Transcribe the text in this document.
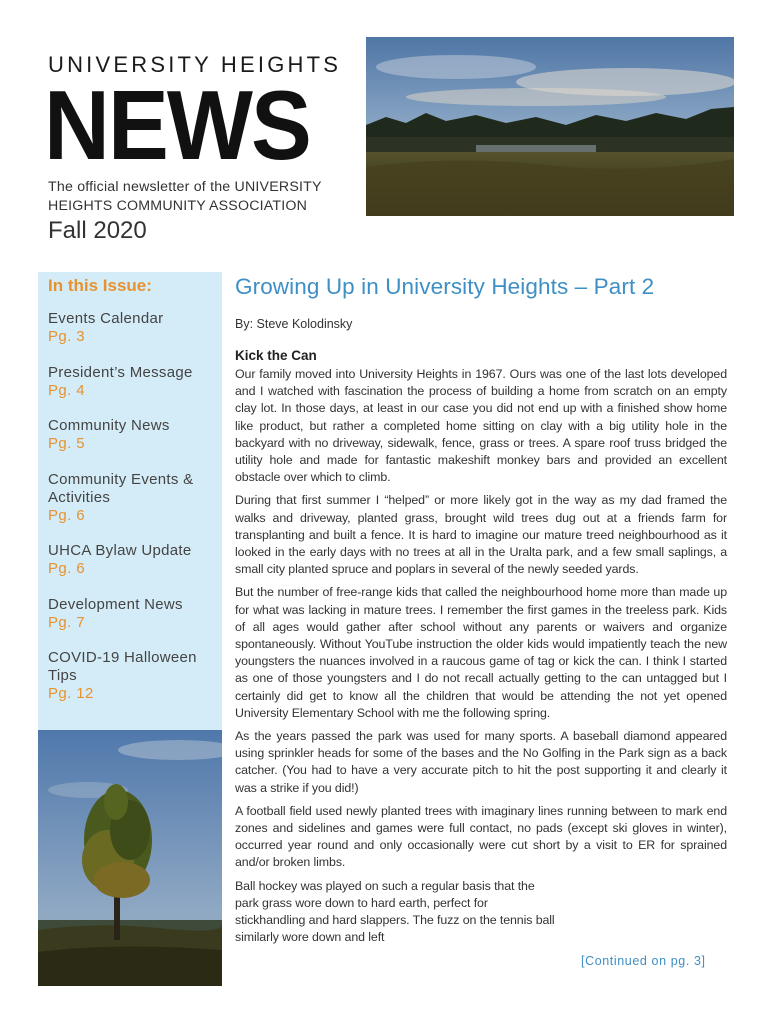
UNIVERSITY HEIGHTS
NEWS
The official newsletter of the UNIVERSITY HEIGHTS COMMUNITY ASSOCIATION
Fall 2020
In this Issue:
Events Calendar
Pg. 3
President’s Message
Pg. 4
Community News
Pg. 5
Community Events & Activities
Pg. 6
UHCA Bylaw Update
Pg. 6
Development News
Pg. 7
COVID-19 Halloween Tips
Pg. 12
Growing Up in University Heights – Part 2
By: Steve Kolodinsky
Kick the Can

Our family moved into University Heights in 1967. Ours was one of the last lots developed and I watched with fascination the process of building a home from scratch on an empty clay lot. In those days, at least in our case you did not end up with a finished show home like product, but rather a completed home sitting on clay with a big utility hole in the backyard with no driveway, sidewalk, fence, grass or trees. A spare roof truss bridged the utility hole and made for fantastic makeshift monkey bars and provided an excellent obstacle over which to climb.

During that first summer I “helped” or more likely got in the way as my dad framed the walks and driveway, planted grass, brought wild trees dug out at a friends farm for transplanting and built a fence. It is hard to imagine our mature treed neighbourhood as it looked in the early days with no trees at all in the Uralta park, and a few small saplings, a small city planted spruce and poplars in several of the newly seeded yards.

But the number of free-range kids that called the neighbourhood home more than made up for what was lacking in mature trees. I remember the first games in the treeless park. Kids of all ages would gather after school without any parents or waivers and organize spontaneously. Without YouTube instruction the older kids would impatiently teach the new youngsters the nuances involved in a raucous game of tag or kick the can. I think I started as one of those youngsters and I do not recall actually getting to the can untagged but I certainly did get to know all the children that would be attending the not yet opened University Elementary School with me the following spring.

As the years passed the park was used for many sports. A baseball diamond appeared using sprinkler heads for some of the bases and the No Golfing in the Park sign as a back catcher. (You had to have a very accurate pitch to hit the post supporting it and clearly it was a strike if you did!)

A football field used newly planted trees with imaginary lines running between to mark end zones and sidelines and games were full contact, no pads (except ski gloves in winter), occurred year round and only occasionally were cut short by a visit to ER for sprained and/or broken limbs.

Ball hockey was played on such a regular basis that the park grass wore down to hard earth, perfect for stickhandling and hard slappers. The fuzz on the tennis ball similarly wore down and left

[Continued on pg. 3]
